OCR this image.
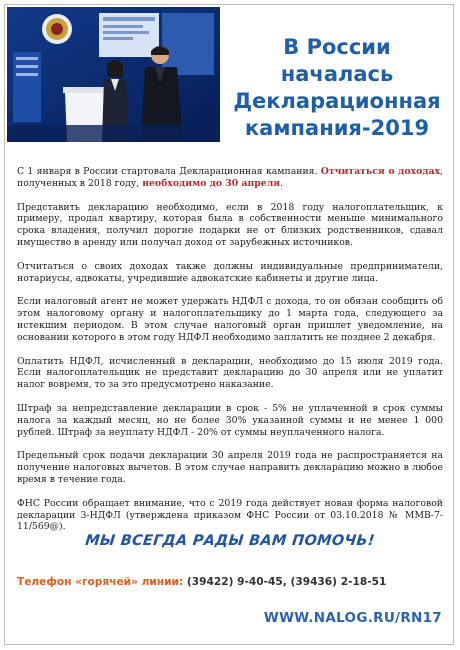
В России началась
Декларационная
кампания-2019

С 1 января в России стартовала Декларационная кампания. Отчитаться о доходах, полученных в 2018 году, необходимо до 30 апреля.

Представить декларацию необходимо, если в 2018 году налогоплательщик, к примеру, продал квартиру, которая была в собственности меньше минимального срока владения, получил дорогие подарки не от близких родственников, сдавал имущество в аренду или получал доход от зарубежных источников.

Отчитаться о своих доходах также должны индивидуальные предприниматели, нотариусы, адвокаты, учредившие адвокатские кабинеты и другие лица.

Если налоговый агент не может удержать НДФЛ с дохода, то он обязан сообщить об этом налоговому органу и налогоплательщику до 1 марта года, следующего за истекшим периодом. В этом случае налоговый орган пришлет уведомление, на основании которого в этом году НДФЛ необходимо заплатить не позднее 2 декабря.

Оплатить НДФЛ, исчисленный в декларации, необходимо до 15 июля 2019 года. Если налогоплательщик не представит декларацию до 30 апреля или не уплатит налог вовремя, то за это предусмотрено наказание.

Штраф за непредставление декларации в срок - 5% не уплаченной в срок суммы налога за каждый месяц, но не более 30% указанной суммы и не менее 1 000 рублей. Штраф за неуплату НДФЛ - 20% от суммы неуплаченного налога.

Предельный срок подачи декларации 30 апреля 2019 года не распространяется на получение налоговых вычетов. В этом случае направить декларацию можно в любое время в течение года.

ФНС России обращает внимание, что с 2019 года действует новая форма налоговой декларации 3-НДФЛ (утверждена приказом ФНС России от 03.10.2018 № ММВ-7-11/569@).

МЫ ВСЕГДА РАДЫ ВАМ ПОМОЧЬ!
Телефон «горячей» линии: (39422) 9-40-45, (39436) 2-18-51
WWW.NALOG.RU/RN17
